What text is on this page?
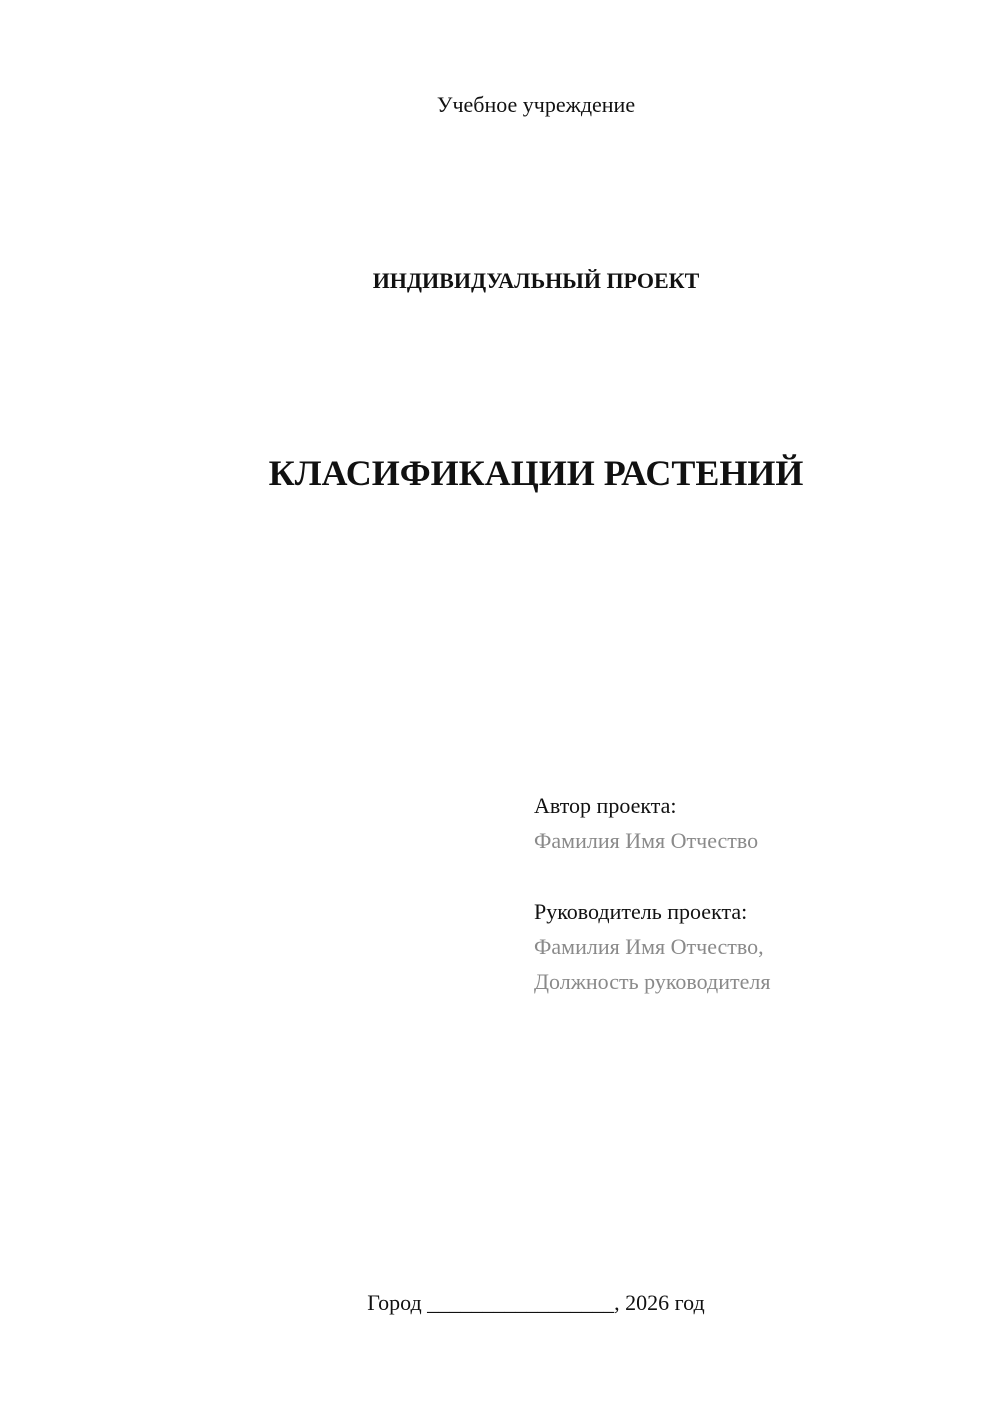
Учебное учреждение
ИНДИВИДУАЛЬНЫЙ ПРОЕКТ
КЛАСИФИКАЦИИ РАСТЕНИЙ
Автор проекта:
Фамилия Имя Отчество
Руководитель проекта:
Фамилия Имя Отчество,
Должность руководителя
Город _________________, 2026 год
